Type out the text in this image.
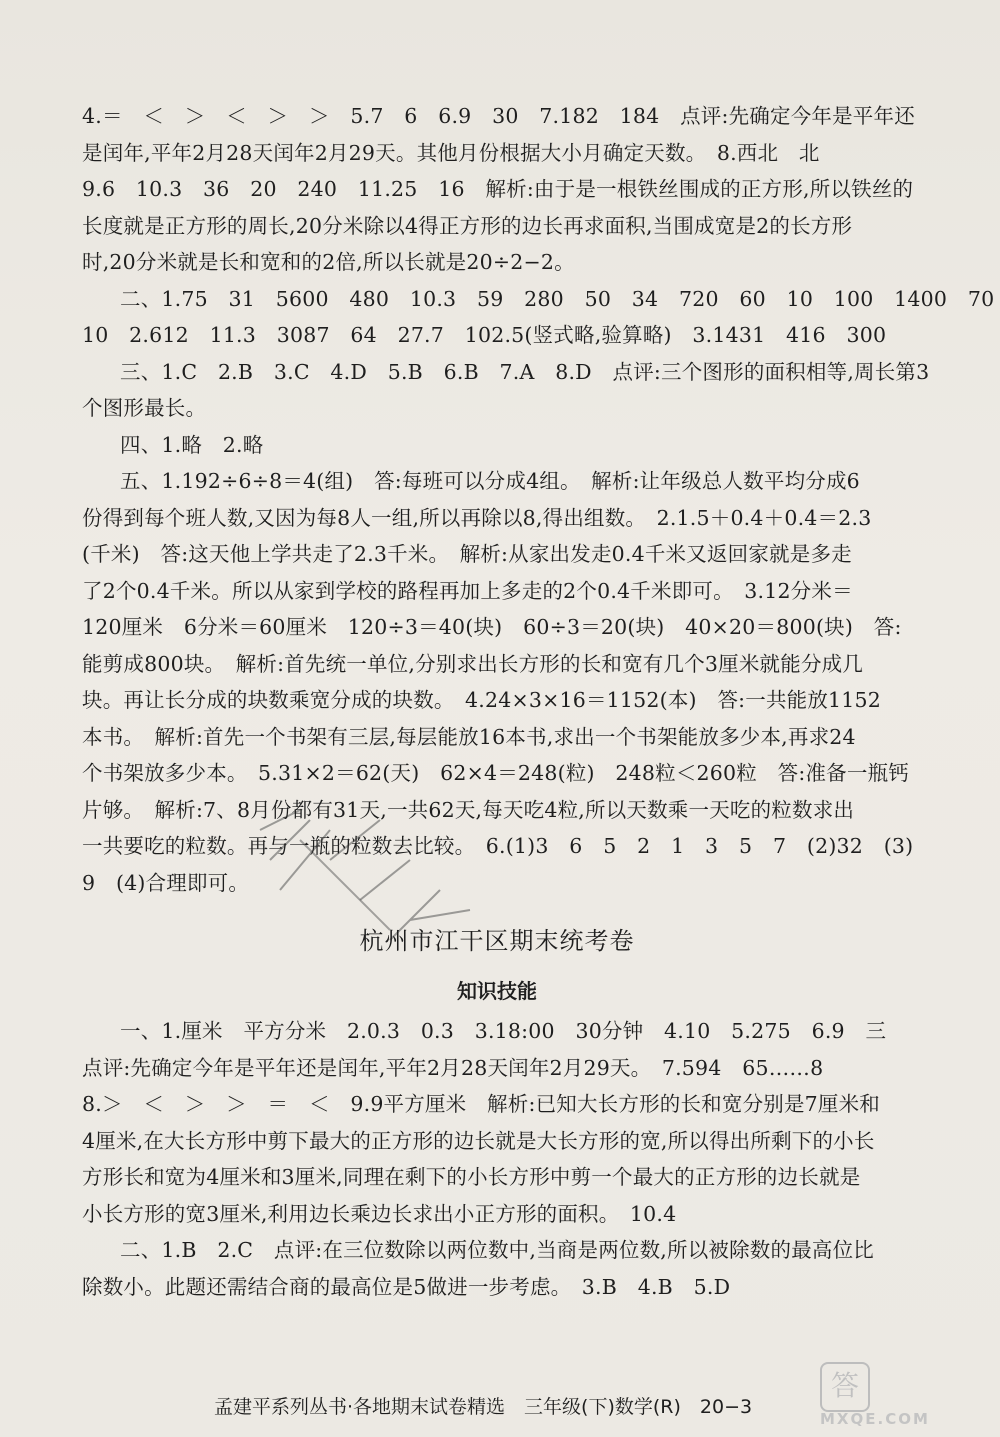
4.＝　＜　＞　＜　＞　＞　5.7　6　6.9　30　7.182　184　点评:先确定今年是平年还
是闰年,平年2月28天闰年2月29天。其他月份根据大小月确定天数。　8.西北　北
9.6　10.3　36　20　240　11.25　16　解析:由于是一根铁丝围成的正方形,所以铁丝的
长度就是正方形的周长,20分米除以4得正方形的边长再求面积,当围成宽是2的长方形
时,20分米就是长和宽和的2倍,所以长就是20÷2−2。
二、1.75　31　5600　480　10.3　59　280　50　34　720　60　10　100　1400　70
10　2.612　11.3　3087　64　27.7　102.5(竖式略,验算略)　3.1431　416　300
三、1.C　2.B　3.C　4.D　5.B　6.B　7.A　8.D　点评:三个图形的面积相等,周长第3
个图形最长。
四、1.略　2.略
五、1.192÷6÷8＝4(组)　答:每班可以分成4组。　解析:让年级总人数平均分成6
份得到每个班人数,又因为每8人一组,所以再除以8,得出组数。　2.1.5＋0.4＋0.4＝2.3
(千米)　答:这天他上学共走了2.3千米。　解析:从家出发走0.4千米又返回家就是多走
了2个0.4千米。所以从家到学校的路程再加上多走的2个0.4千米即可。　3.12分米＝
120厘米　6分米＝60厘米　120÷3＝40(块)　60÷3＝20(块)　40×20＝800(块)　答:
能剪成800块。　解析:首先统一单位,分别求出长方形的长和宽有几个3厘米就能分成几
块。再让长分成的块数乘宽分成的块数。　4.24×3×16＝1152(本)　答:一共能放1152
本书。　解析:首先一个书架有三层,每层能放16本书,求出一个书架能放多少本,再求24
个书架放多少本。　5.31×2＝62(天)　62×4＝248(粒)　248粒＜260粒　答:准备一瓶钙
片够。　解析:7、8月份都有31天,一共62天,每天吃4粒,所以天数乘一天吃的粒数求出
一共要吃的粒数。再与一瓶的粒数去比较。　6.(1)3　6　5　2　1　3　5　7　(2)32　(3)
9　(4)合理即可。
杭州市江干区期末统考卷
知识技能
一、1.厘米　平方分米　2.0.3　0.3　3.18:00　30分钟　4.10　5.275　6.9　三
点评:先确定今年是平年还是闰年,平年2月28天闰年2月29天。　7.594　65……8
8.＞　＜　＞　＞　＝　＜　9.9平方厘米　解析:已知大长方形的长和宽分别是7厘米和
4厘米,在大长方形中剪下最大的正方形的边长就是大长方形的宽,所以得出所剩下的小长
方形长和宽为4厘米和3厘米,同理在剩下的小长方形中剪一个最大的正方形的边长就是
小长方形的宽3厘米,利用边长乘边长求出小正方形的面积。　10.4
二、1.B　2.C　点评:在三位数除以两位数中,当商是两位数,所以被除数的最高位比
除数小。此题还需结合商的最高位是5做进一步考虑。　3.B　4.B　5.D
孟建平系列丛书·各地期末试卷精选　三年级(下)数学(R)　20−3
答
MXQE.COM
